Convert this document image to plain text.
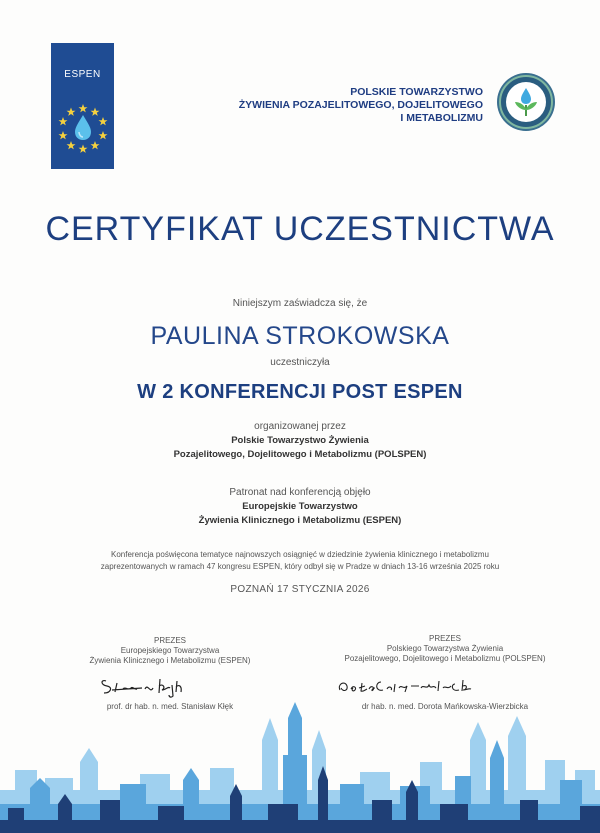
ESPEN
POLSKIE TOWARZYSTWO
ŻYWIENIA POZAJELITOWEGO, DOJELITOWEGO
I METABOLIZMU
CERTYFIKAT UCZESTNICTWA
Niniejszym zaświadcza się, że
PAULINA STROKOWSKA
uczestniczyła
W 2 KONFERENCJI POST ESPEN
organizowanej przez
Polskie Towarzystwo Żywienia
Pozajelitowego, Dojelitowego i Metabolizmu (POLSPEN)
Patronat nad konferencją objęło
Europejskie Towarzystwo
Żywienia Klinicznego i Metabolizmu (ESPEN)
Konferencja poświęcona tematyce najnowszych osiągnięć w dziedzinie żywienia klinicznego i metabolizmu
zaprezentowanych w ramach 47 kongresu ESPEN, który odbył się w Pradze w dniach 13-16 września 2025 roku
POZNAŃ 17 STYCZNIA 2026
PREZES
Europejskiego Towarzystwa
Żywienia Klinicznego i Metabolizmu (ESPEN)
prof. dr hab. n. med. Stanisław Kłęk
PREZES
Polskiego Towarzystwa Żywienia
Pozajelitowego, Dojelitowego i Metabolizmu (POLSPEN)
dr hab. n. med. Dorota Mańkowska-Wierzbicka
